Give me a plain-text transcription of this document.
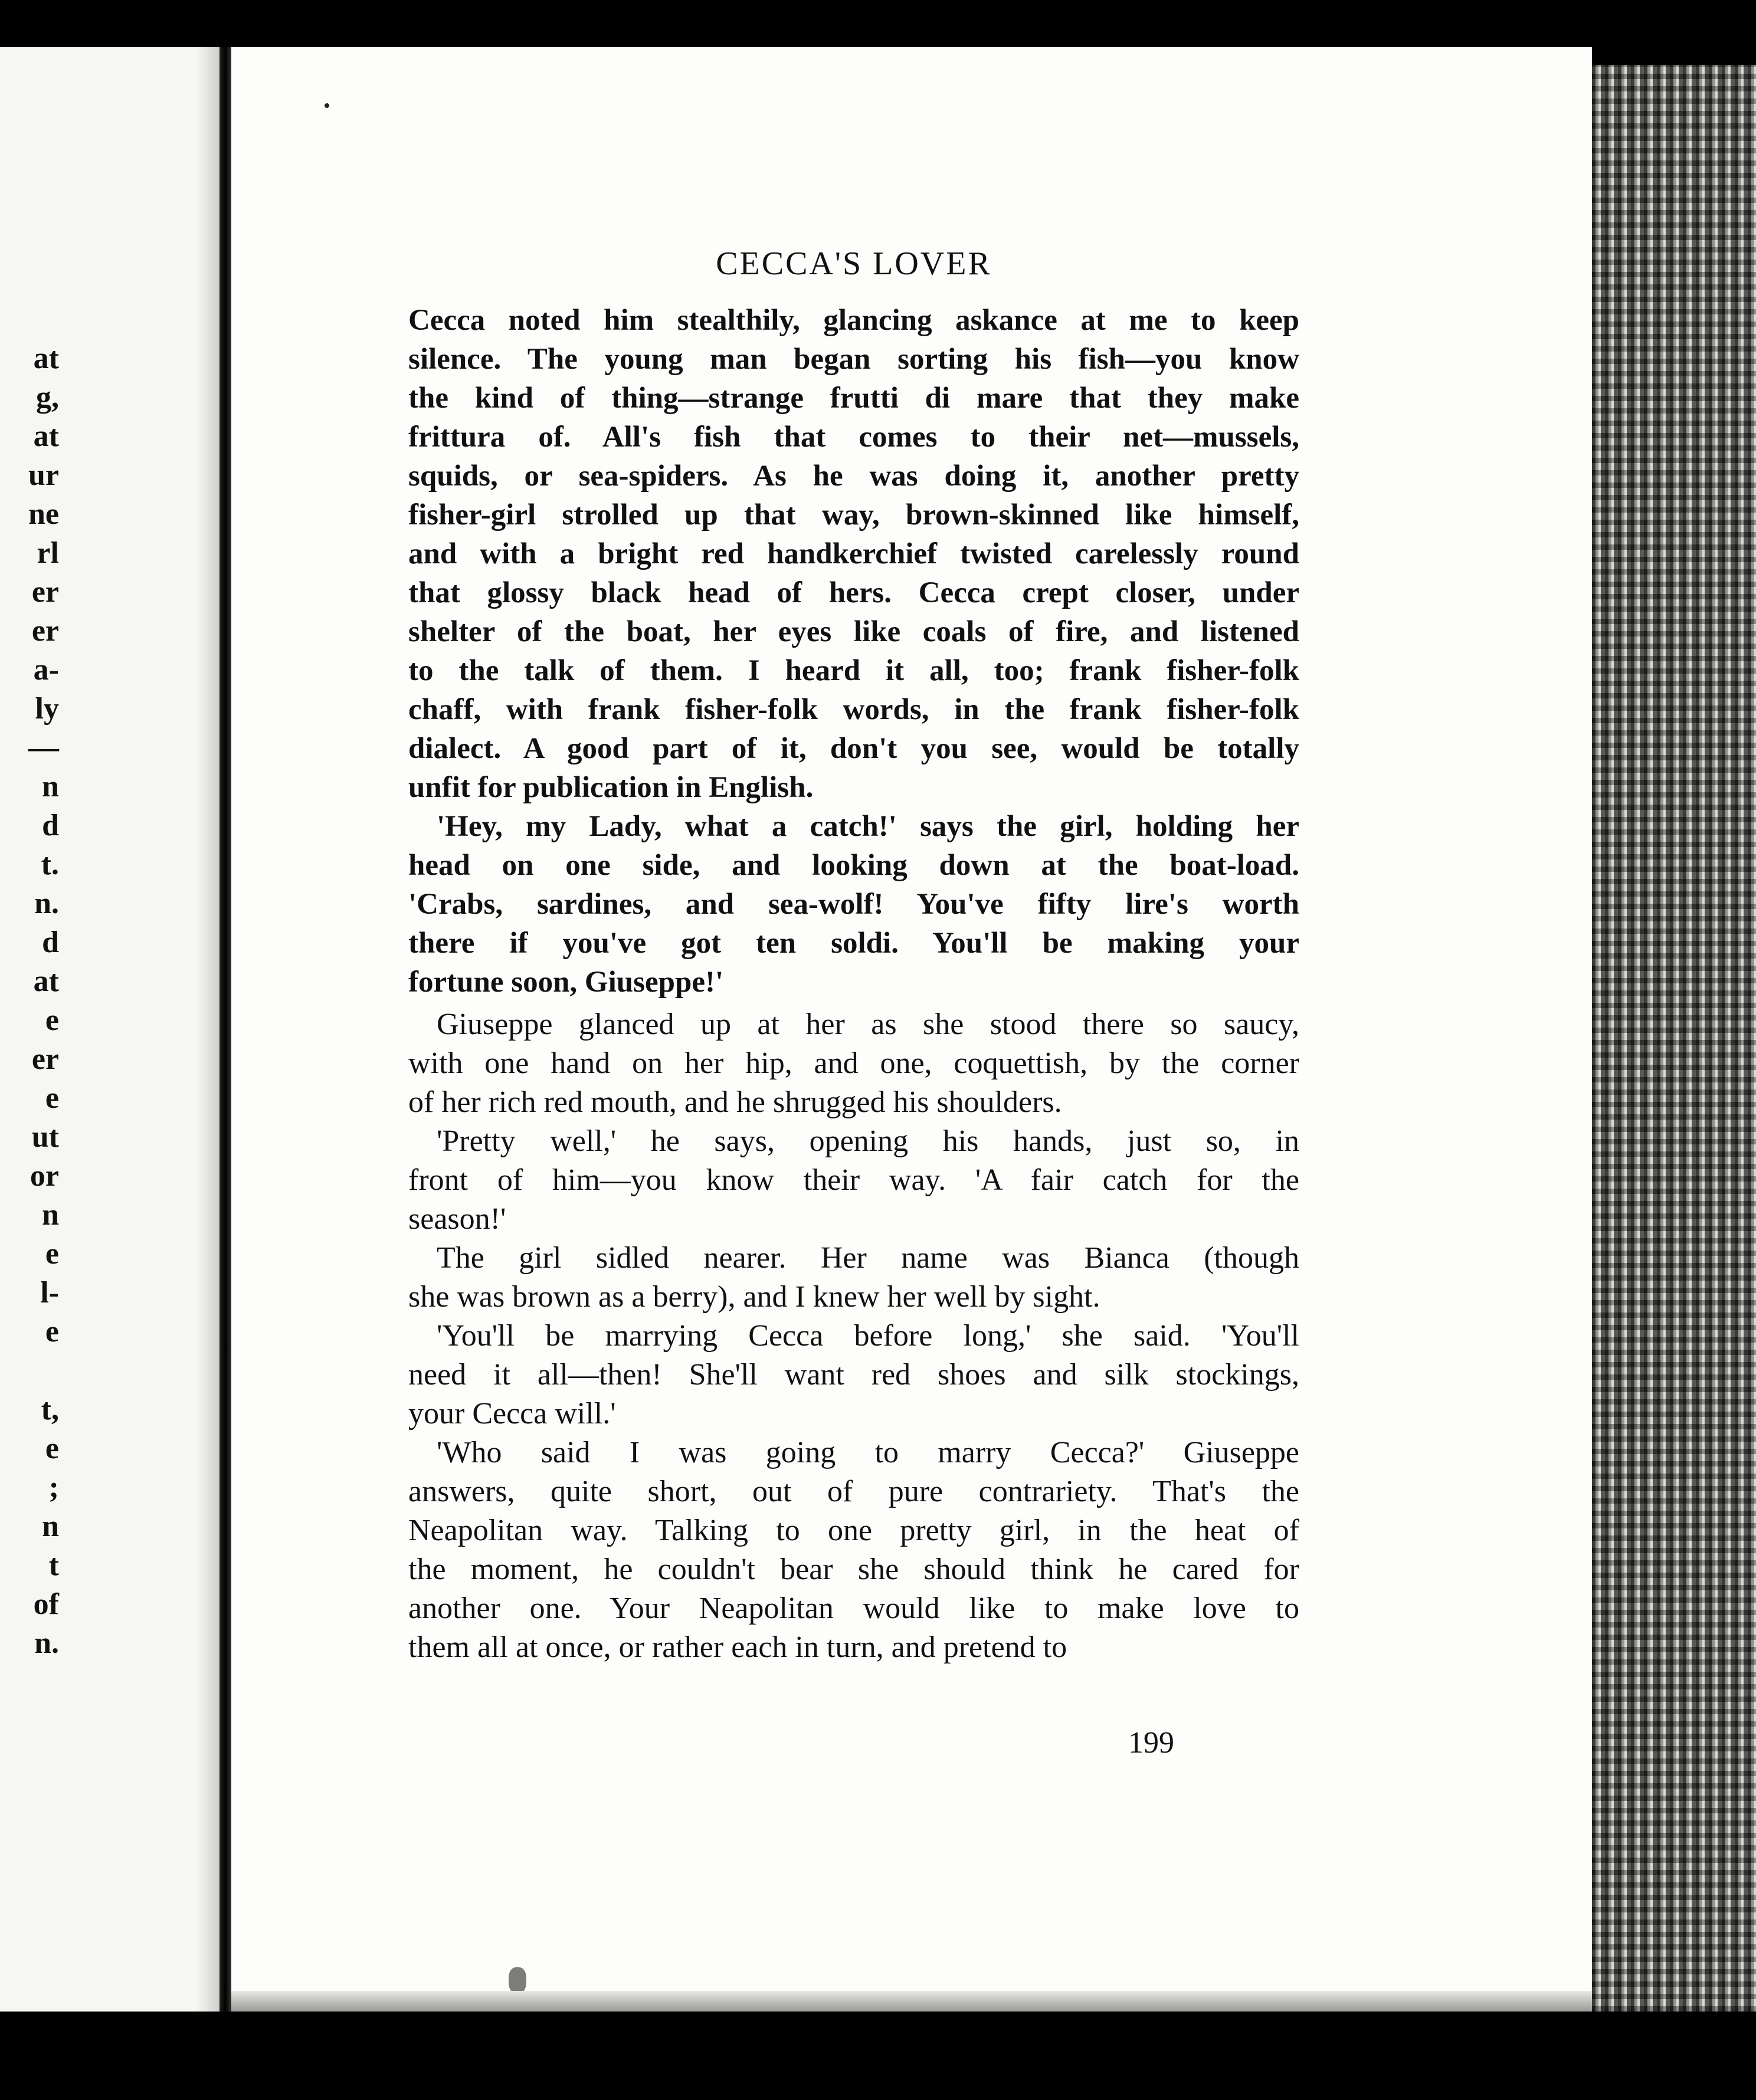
at
g,
at
ur
ne
rl
er
er
a-
ly
—
n
d
t.
n.
d
at
e
er
e
ut
or
n
e
l-
e
t,
e
;
n
t
of
n.
CECCA'S LOVER
Cecca noted him stealthily, glancing askance at me to keep
silence. The young man began sorting his fish—you know
the kind of thing—strange frutti di mare that they make
frittura of. All's fish that comes to their net—mussels,
squids, or sea-spiders. As he was doing it, another pretty
fisher-girl strolled up that way, brown-skinned like himself,
and with a bright red handkerchief twisted carelessly round
that glossy black head of hers. Cecca crept closer, under
shelter of the boat, her eyes like coals of fire, and listened
to the talk of them. I heard it all, too; frank fisher-folk
chaff, with frank fisher-folk words, in the frank fisher-folk
dialect. A good part of it, don't you see, would be totally
unfit for publication in English.
'Hey, my Lady, what a catch!' says the girl, holding her
head on one side, and looking down at the boat-load.
'Crabs, sardines, and sea-wolf! You've fifty lire's worth
there if you've got ten soldi. You'll be making your
fortune soon, Giuseppe!'
Giuseppe glanced up at her as she stood there so saucy,
with one hand on her hip, and one, coquettish, by the corner
of her rich red mouth, and he shrugged his shoulders.
'Pretty well,' he says, opening his hands, just so, in
front of him—you know their way. 'A fair catch for the
season!'
The girl sidled nearer. Her name was Bianca (though
she was brown as a berry), and I knew her well by sight.
'You'll be marrying Cecca before long,' she said. 'You'll
need it all—then! She'll want red shoes and silk stockings,
your Cecca will.'
'Who said I was going to marry Cecca?' Giuseppe
answers, quite short, out of pure contrariety. That's the
Neapolitan way. Talking to one pretty girl, in the heat of
the moment, he couldn't bear she should think he cared for
another one. Your Neapolitan would like to make love to
them all at once, or rather each in turn, and pretend to
199
